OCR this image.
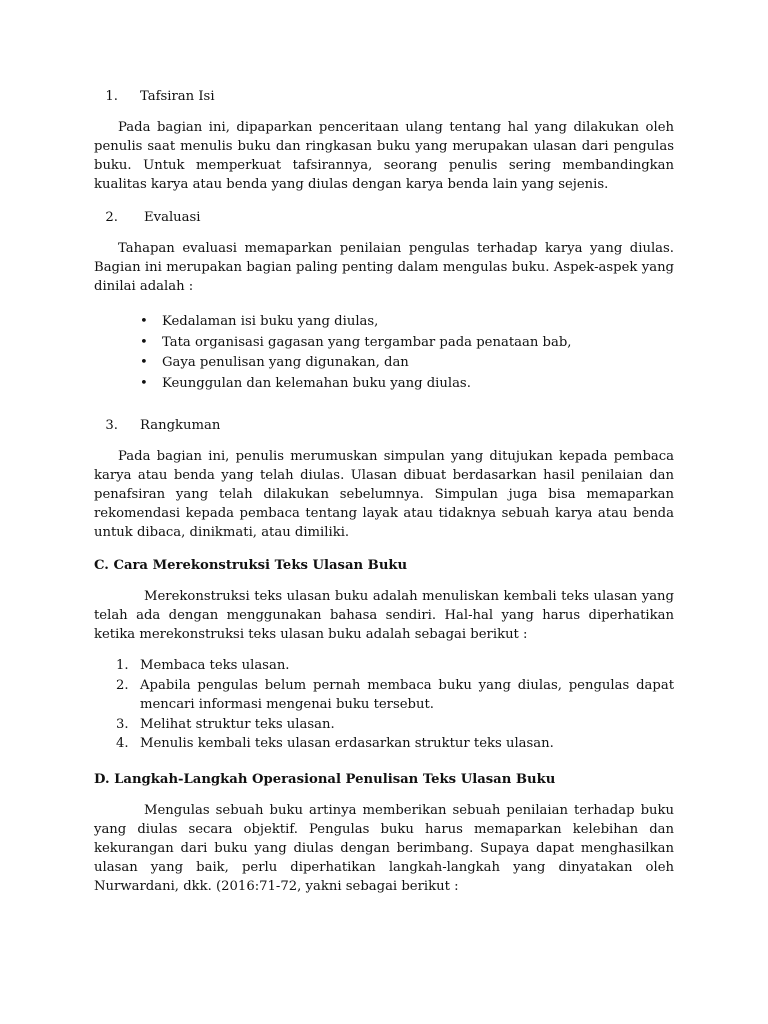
1.	Tafsiran Isi

Pada bagian ini, dipaparkan penceritaan ulang tentang hal yang dilakukan oleh penulis saat menulis buku dan ringkasan buku yang merupakan ulasan dari pengulas buku. Untuk memperkuat tafsirannya, seorang penulis sering membandingkan kualitas karya atau benda yang diulas dengan karya benda lain yang sejenis.

2.	Evaluasi

Tahapan evaluasi memaparkan penilaian pengulas terhadap karya yang diulas. Bagian ini merupakan bagian paling penting dalam mengulas buku. Aspek-aspek yang dinilai adalah :

•	Kedalaman isi buku yang diulas,
•	Tata organisasi gagasan yang tergambar pada penataan bab,
•	Gaya penulisan yang digunakan, dan
•	Keunggulan dan kelemahan buku yang diulas.
3.	Rangkuman

Pada bagian ini, penulis merumuskan simpulan yang ditujukan kepada pembaca karya atau benda yang telah diulas. Ulasan dibuat berdasarkan hasil penilaian dan penafsiran yang telah dilakukan sebelumnya. Simpulan juga bisa memaparkan rekomendasi kepada pembaca tentang layak atau tidaknya sebuah karya atau benda untuk dibaca, dinikmati, atau dimiliki.

C. Cara Merekonstruksi Teks Ulasan Buku

Merekonstruksi teks ulasan buku adalah menuliskan kembali teks ulasan yang telah ada dengan menggunakan bahasa sendiri. Hal-hal yang harus diperhatikan ketika merekonstruksi teks ulasan buku adalah sebagai berikut :

1. Membaca teks ulasan.
2. Apabila pengulas belum pernah membaca buku yang diulas, pengulas dapat mencari informasi mengenai buku tersebut.
3. Melihat struktur teks ulasan.
4. Menulis kembali teks ulasan erdasarkan struktur teks ulasan.
D. Langkah-Langkah Operasional Penulisan Teks Ulasan Buku

Mengulas sebuah buku artinya memberikan sebuah penilaian terhadap buku yang diulas secara objektif. Pengulas buku harus memaparkan kelebihan dan kekurangan dari buku yang diulas dengan berimbang. Supaya dapat menghasilkan ulasan yang baik, perlu diperhatikan langkah-langkah yang dinyatakan oleh Nurwardani, dkk. (2016:71-72, yakni sebagai berikut :
